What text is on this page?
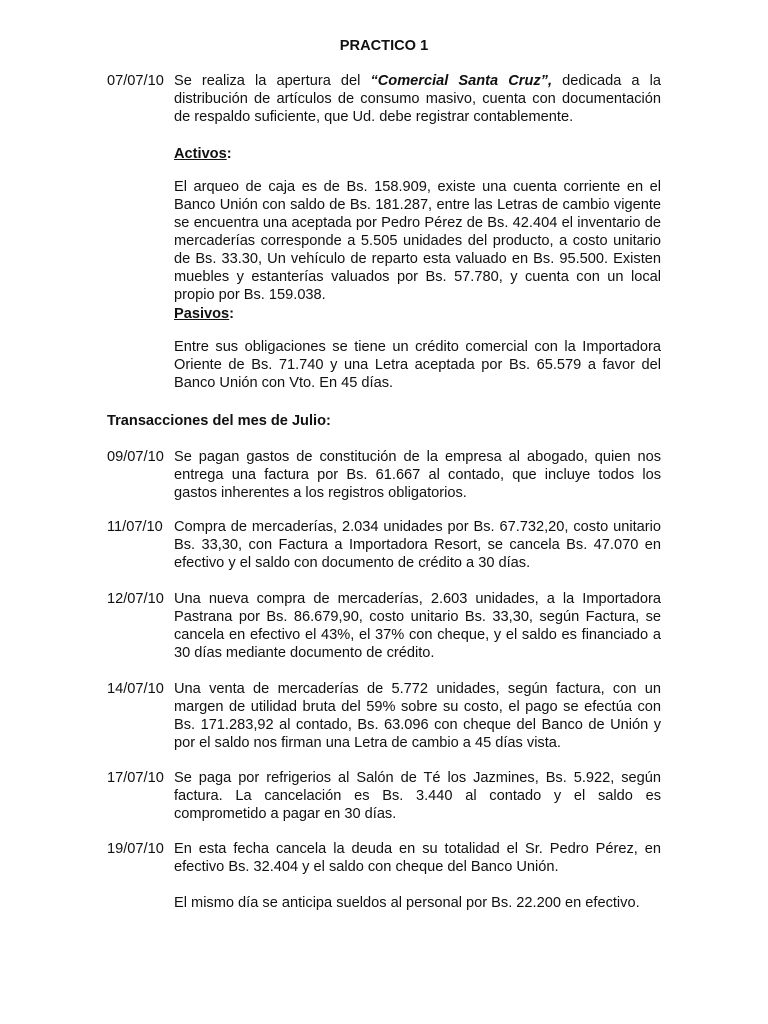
PRACTICO 1
07/07/10 Se realiza la apertura del “Comercial Santa Cruz”, dedicada a la distribución de artículos de consumo masivo, cuenta con documentación de respaldo suficiente, que Ud. debe registrar contablemente.
Activos:

El arqueo de caja es de Bs. 158.909, existe una cuenta corriente en el Banco Unión con saldo de Bs. 181.287, entre las Letras de cambio vigente se encuentra una aceptada por Pedro Pérez de Bs. 42.404 el inventario de mercaderías corresponde a 5.505 unidades del producto, a costo unitario de Bs. 33.30, Un vehículo de reparto esta valuado en Bs. 95.500. Existen muebles y estanterías valuados por Bs. 57.780, y cuenta con un local propio por Bs. 159.038.

Pasivos:

Entre sus obligaciones se tiene un crédito comercial con la Importadora Oriente de Bs. 71.740 y una Letra aceptada por Bs. 65.579 a favor del Banco Unión con Vto. En 45 días.

Transacciones del mes de Julio:
09/07/10 Se pagan gastos de constitución de la empresa al abogado, quien nos entrega una factura por Bs. 61.667 al contado, que incluye todos los gastos inherentes a los registros obligatorios.
11/07/10 Compra de mercaderías, 2.034 unidades por Bs. 67.732,20, costo unitario Bs. 33,30, con Factura a Importadora Resort, se cancela Bs. 47.070 en efectivo y el saldo con documento de crédito a 30 días.
12/07/10 Una nueva compra de mercaderías, 2.603 unidades, a la Importadora Pastrana por Bs. 86.679,90, costo unitario Bs. 33,30, según Factura, se cancela en efectivo el 43%, el 37% con cheque, y el saldo es financiado a 30 días mediante documento de crédito.
14/07/10 Una venta de mercaderías de 5.772 unidades, según factura, con un margen de utilidad bruta del 59% sobre su costo, el pago se efectúa con Bs. 171.283,92 al contado, Bs. 63.096 con cheque del Banco de Unión y por el saldo nos firman una Letra de cambio a 45 días vista.
17/07/10 Se paga por refrigerios al Salón de Té los Jazmines, Bs. 5.922, según factura. La cancelación es Bs. 3.440 al contado y el saldo es comprometido a pagar en 30 días.
19/07/10 En esta fecha cancela la deuda en su totalidad el Sr. Pedro Pérez, en efectivo Bs. 32.404 y el saldo con cheque del Banco Unión.

El mismo día se anticipa sueldos al personal por Bs. 22.200 en efectivo.
